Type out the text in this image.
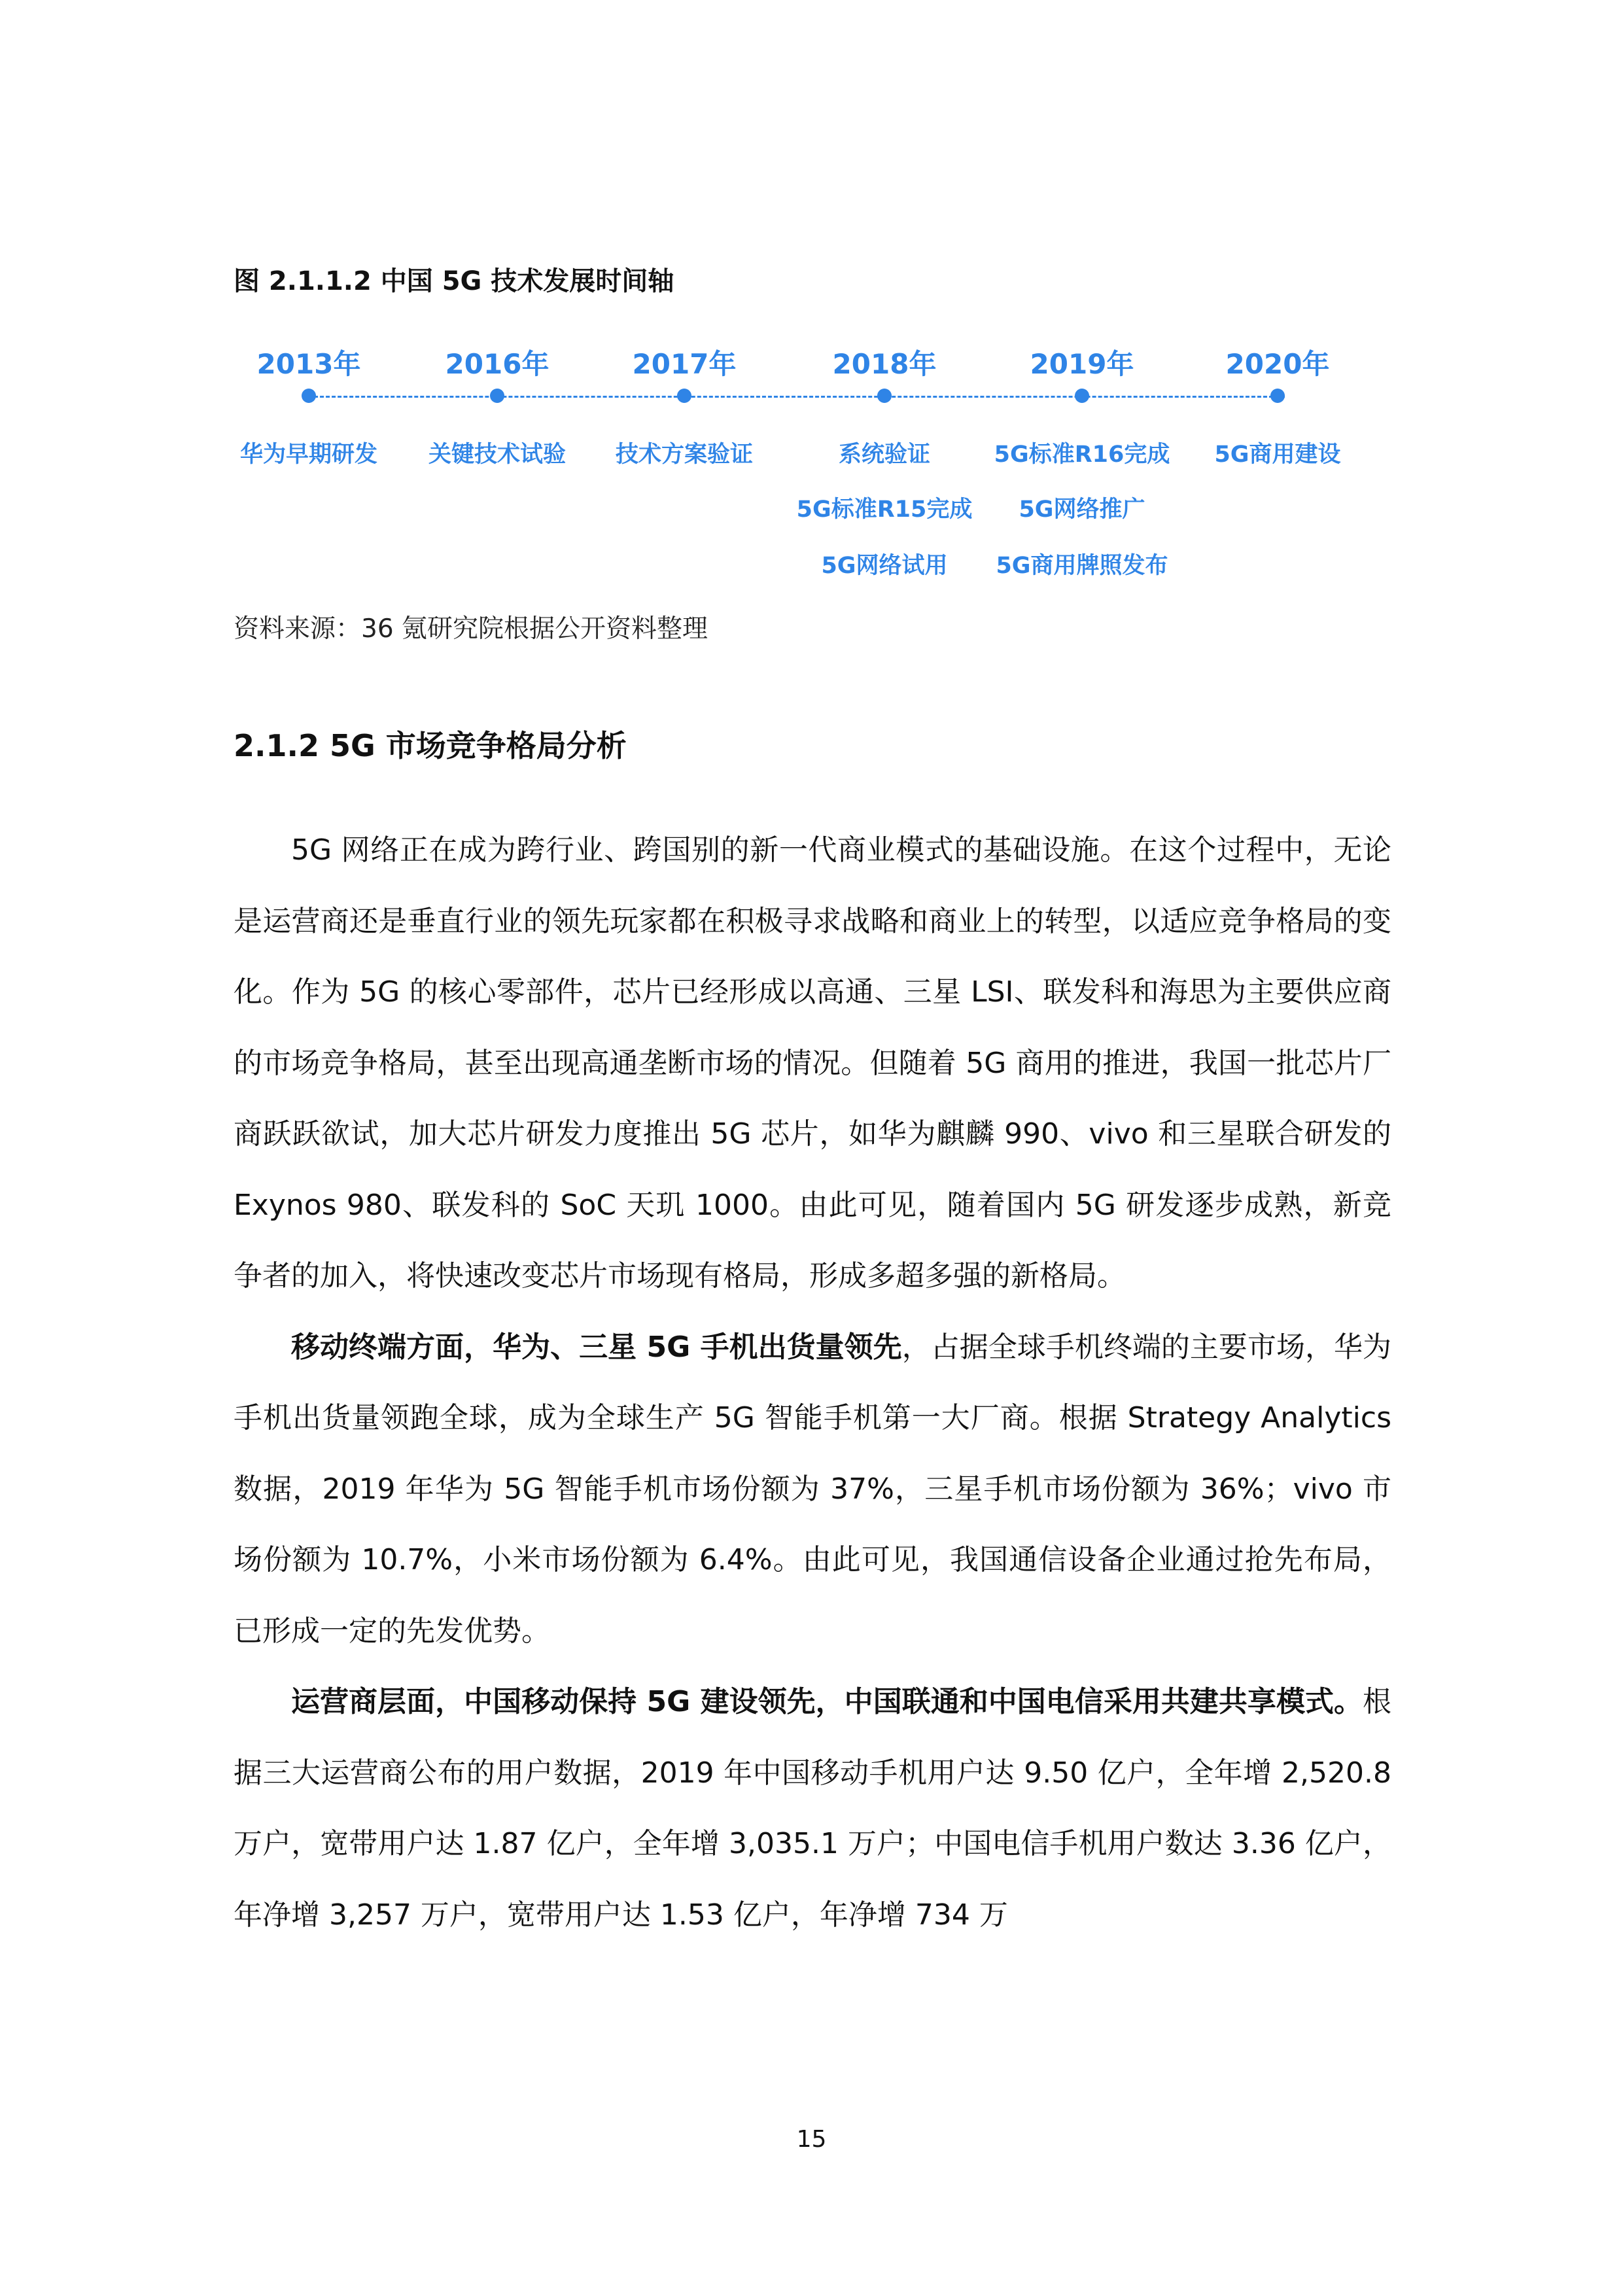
图 2.1.1.2 中国 5G 技术发展时间轴
2013年
华为早期研发
2016年
关键技术试验
2017年
技术方案验证
2018年
系统验证
5G标准R15完成
5G网络试用
2019年
5G标准R16完成
5G网络推广
5G商用牌照发布
2020年
5G商用建设
资料来源：36 氪研究院根据公开资料整理
2.1.2 5G 市场竞争格局分析

5G 网络正在成为跨行业、跨国别的新一代商业模式的基础设施。在这个过程中，无论是运营商还是垂直行业的领先玩家都在积极寻求战略和商业上的转型，以适应竞争格局的变化。作为 5G 的核心零部件，芯片已经形成以高通、三星 LSI、联发科和海思为主要供应商的市场竞争格局，甚至出现高通垄断市场的情况。但随着 5G 商用的推进，我国一批芯片厂商跃跃欲试，加大芯片研发力度推出 5G 芯片，如华为麒麟 990、vivo 和三星联合研发的 Exynos 980、联发科的 SoC 天玑 1000。由此可见，随着国内 5G 研发逐步成熟，新竞争者的加入，将快速改变芯片市场现有格局，形成多超多强的新格局。

移动终端方面，华为、三星 5G 手机出货量领先，占据全球手机终端的主要市场，华为手机出货量领跑全球，成为全球生产 5G 智能手机第一大厂商。根据 Strategy Analytics 数据，2019 年华为 5G 智能手机市场份额为 37%，三星手机市场份额为 36%；vivo 市场份额为 10.7%，小米市场份额为 6.4%。由此可见，我国通信设备企业通过抢先布局，已形成一定的先发优势。

运营商层面，中国移动保持 5G 建设领先，中国联通和中国电信采用共建共享模式。根据三大运营商公布的用户数据，2019 年中国移动手机用户达 9.50 亿户，全年增 2,520.8 万户，宽带用户达 1.87 亿户，全年增 3,035.1 万户；中国电信手机用户数达 3.36 亿户，年净增 3,257 万户，宽带用户达 1.53 亿户，年净增 734 万

15
